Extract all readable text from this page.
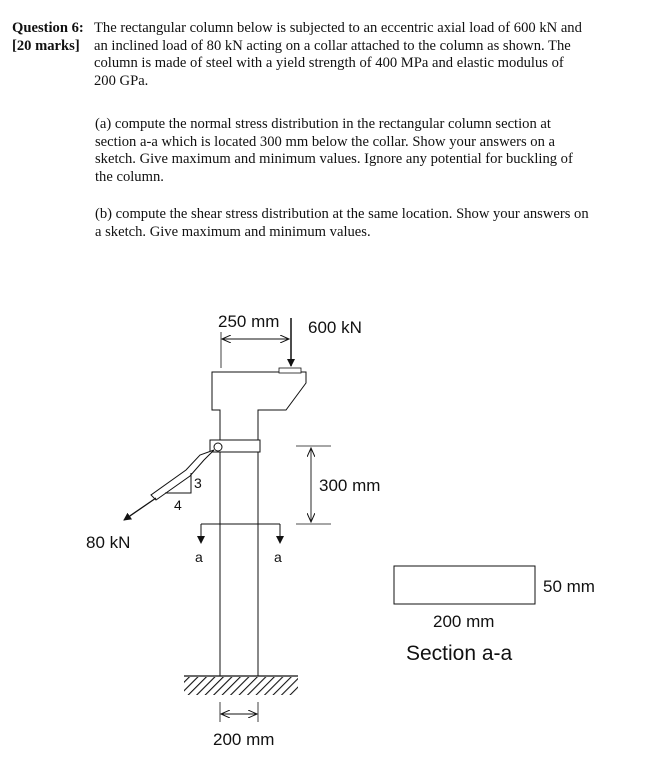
Question 6:
[20 marks]
The rectangular column below is subjected to an eccentric axial load of 600 kN and
an inclined load of 80 kN acting on a collar attached to the column as shown. The
column is made of steel with a yield strength of 400 MPa and elastic modulus of
200 GPa.
(a) compute the normal stress distribution in the rectangular column section at
section a-a which is located 300 mm below the collar. Show your answers on a
sketch. Give maximum and minimum values. Ignore any potential for buckling of
the column.
(b) compute the shear stress distribution at the same location. Show your answers on
a sketch. Give maximum and minimum values.
3
4
80 kN
600 kN
250 mm
300 mm
a	a
200 mm
50 mm
200 mm
Section a-a
